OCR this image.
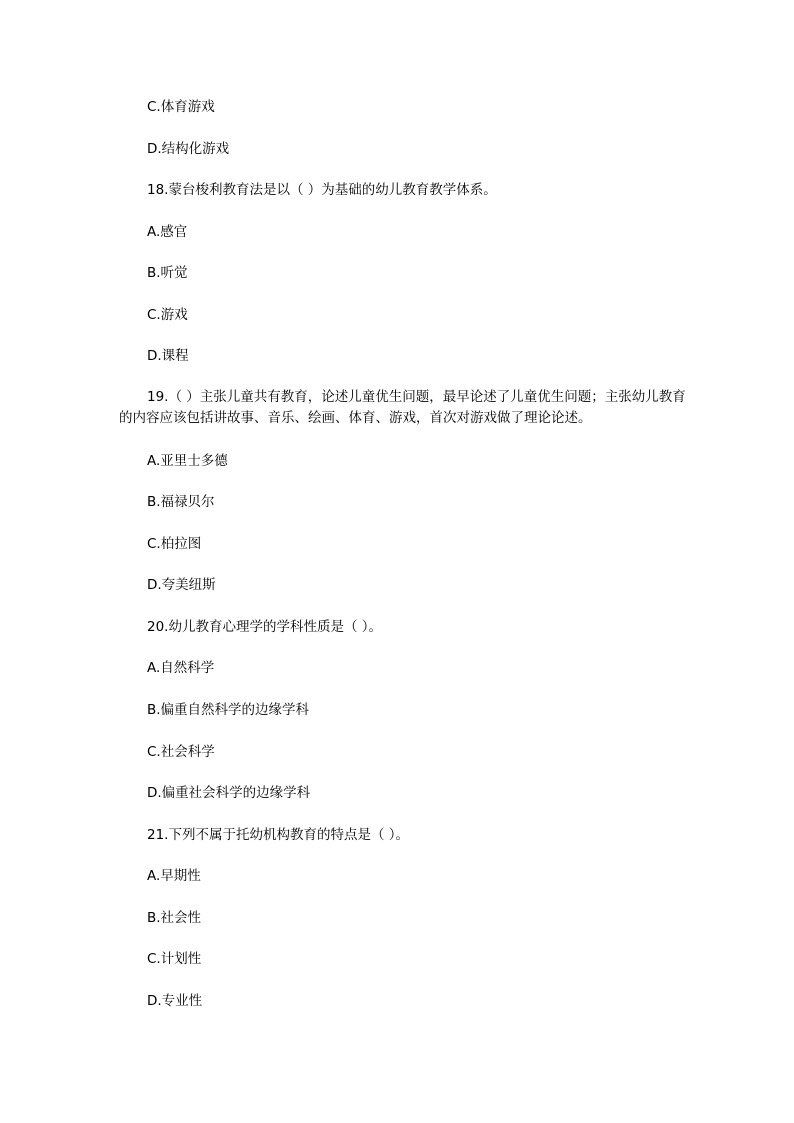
C.体育游戏
D.结构化游戏
18.蒙台梭利教育法是以（ ）为基础的幼儿教育教学体系。
A.感官
B.听觉
C.游戏
D.课程
19.（ ）主张儿童共有教育，论述儿童优生问题，最早论述了儿童优生问题；主张幼儿教育的内容应该包括讲故事、音乐、绘画、体育、游戏，首次对游戏做了理论论述。
A.亚里士多德
B.福禄贝尔
C.柏拉图
D.夸美纽斯
20.幼儿教育心理学的学科性质是（ ）。
A.自然科学
B.偏重自然科学的边缘学科
C.社会科学
D.偏重社会科学的边缘学科
21.下列不属于托幼机构教育的特点是（ ）。
A.早期性
B.社会性
C.计划性
D.专业性
